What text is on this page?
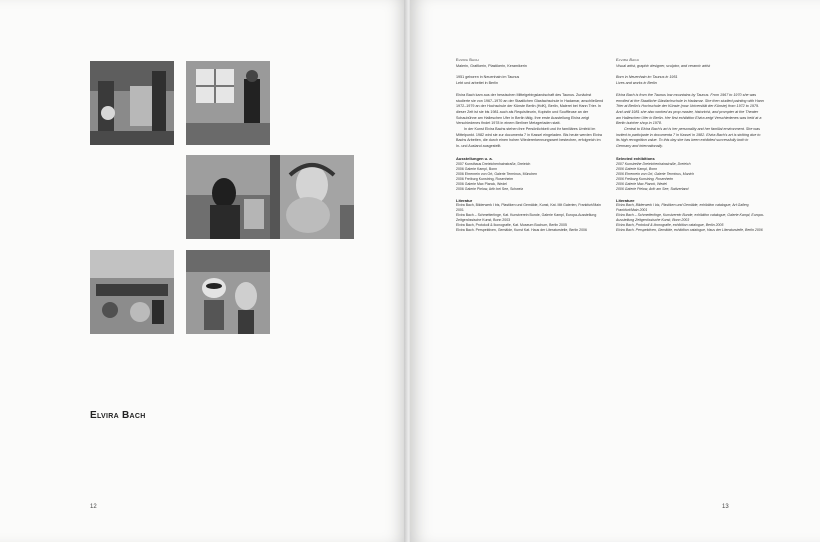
Elvira Bach
12

Elvira Bach

Malerin, Grafikerin, Plastikerin, Keramikerin

1951 geboren in Neuenhain im Taunus

Lebt und arbeitet in Berlin

Elvira Bach kam aus der hessischen Mittelgebirgslandschaft des Taunus. Zunächst studierte sie von 1967–1970 an der Staatlichen Glasfachschule in Hadamar, anschließend 1972–1979 an der Hochschule der Künste Berlin (HdK), Berlin, Malerei bei Hann Trier. In dieser Zeit ist sie bis 1981 auch als Requisiteurin, Kopistin und Souffleuse an der Schaubühne am Halleschen Ufer in Berlin tätig. Ihre erste Ausstellung Elvira zeigt Verschiedenes findet 1978 in einem Berliner Metzgerladen statt.

In der Kunst Elvira Bachs stehen ihre Persönlichkeit und ihr familiäres Umfeld im Mittelpunkt. 1982 wird sie zur documenta 7 in Kassel eingeladen. Bis heute werden Elvira Bachs Arbeiten, die durch einen hohen Wiedererkennungswert bestechen, erfolgreich im In- und Ausland ausgestellt.

Ausstellungen u. a.

2007 Kunsthaus Dreieichenhainstraße, Dreieich

2006 Galerie Kampl, Bonn

2006 Ehrenrein von Ort, Galerie Terminus, München

2006 Freiburg Kunstring, Rosenheim

2006 Galerie Max Planck, Wedel

2006 Galerie Pielow, Arth bei See, Schweiz

Literatur

Elvira Bach, Bilderwerk I bis, Plastiken und Gemälde, Kunst, Kat. Mit Galerien, Frankfurt/Main 2001

Elvira Bach – Schmetterlinge, Kat. Kunstverein Bunde, Galerie Kampl, Europa-Ausstellung Zeitgenössische Kunst, Bonn 2003

Elvira Bach, Protokoll & Ikonografie, Kat. Museum Bochum, Berlin 2005

Elvira Bach. Perspektiven, Gemälde, Kunst Kat. Haus der Literaturstelle, Berlin 2006

Elvira Bach

Visual artist, graphic designer, sculptor, and ceramic artist

Born in Neuenhain im Taunus in 1951

Lives and works in Berlin

Elvira Bach is from the Taunus low mountains by Taunus. From 1967 to 1970 she was enrolled at the Staatliche Glasfachschule in Hadamar. She then studied painting with Hann Trier at Berlin's Hochschule der Künste (now Universität der Künste) from 1972 to 1979. And until 1981 she also worked as prop master, historicist, and prompter at the Theater am Halleschen Ufer in Berlin. Her first exhibition Elvira zeigt Verschiedenes was held at a Berlin butcher shop in 1978.

Central to Elvira Bach's art is her personality and her familial environment. She was invited to participate in documenta 7 in Kassel in 1982. Elvira Bach's art is striking due to its high recognition value. To this day she has been exhibited successfully both in Germany and internationally.

Selected exhibitions

2007 Kunstreihe Dreieichenhainstraße, Dreieich

2006 Galerie Kampl, Bonn

2006 Ehrenrein von Ort, Galerie Terminus, Munich

2006 Freiburg Kunstring, Rosenheim

2006 Galerie Max Planck, Wedel

2006 Galerie Pielow, Arth am See, Switzerland

Literature

Elvira Bach, Bilderwerk I bis, Plastiken und Gemälde, exhibition catalogue, Art Gallery, Frankfurt/Main 2001

Elvira Bach – Schmetterlinge, Kunstverein Bunde, exhibition catalogue, Galerie Kampl, Europa-Ausstellung Zeitgenössische Kunst, Bonn 2003

Elvira Bach, Protokoll & Ikonografie, exhibition catalogue, Berlin 2005

Elvira Bach. Perspektiven, Gemälde, exhibition catalogue, Haus der Literaturstelle, Berlin 2006

13
